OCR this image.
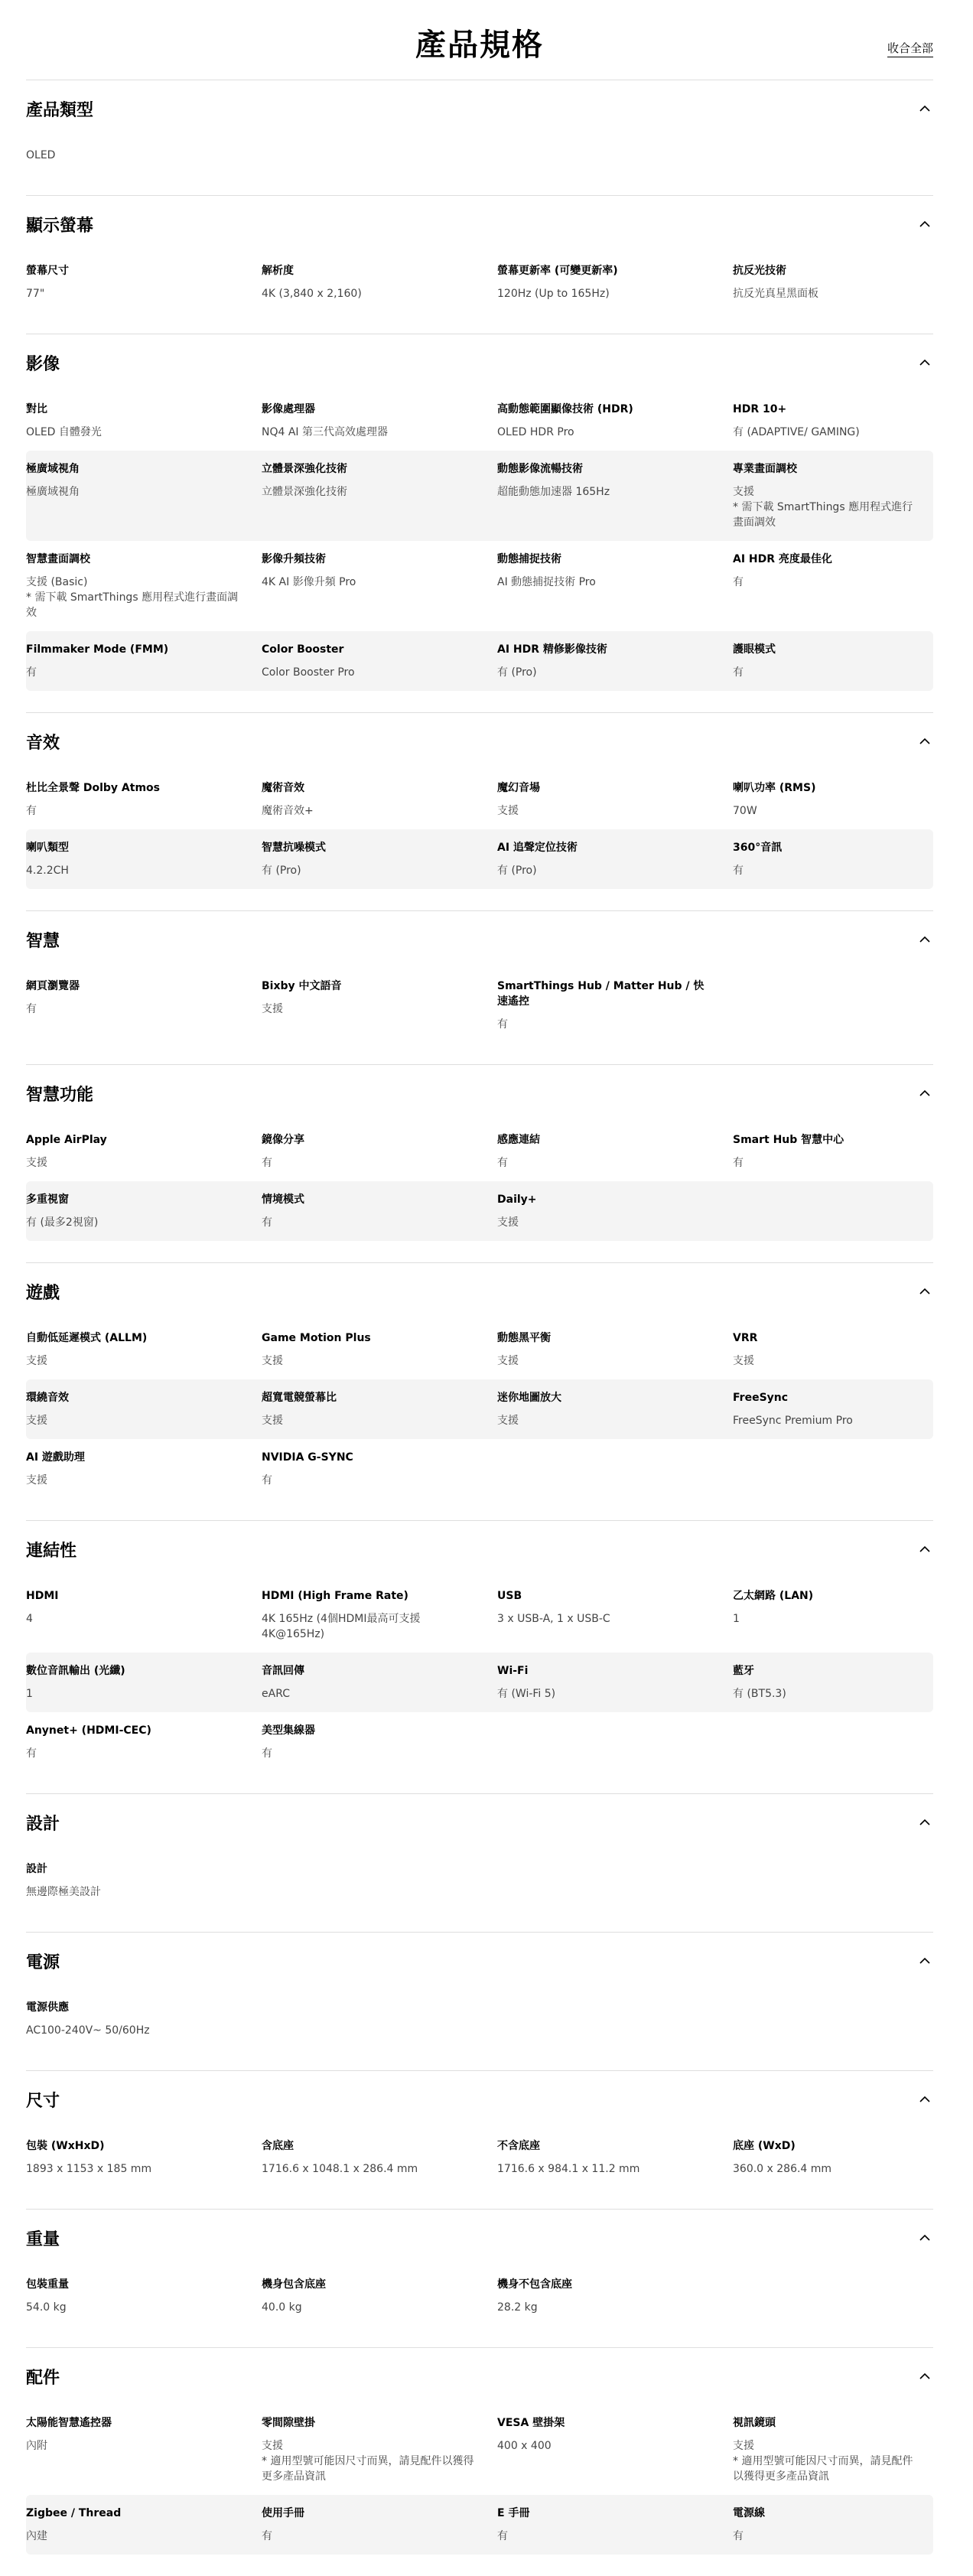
產品規格	收合全部
產品類型
OLED
顯示螢幕
螢幕尺寸
77"
解析度
4K (3,840 x 2,160)
螢幕更新率 (可變更新率)
120Hz (Up to 165Hz)
抗反光技術
抗反光真星黑面板
影像
對比
OLED 自體發光
影像處理器
NQ4 AI 第三代高效處理器
高動態範圍顯像技術 (HDR)
OLED HDR Pro
HDR 10+
有 (ADAPTIVE/ GAMING)
極廣域視角
極廣域視角
立體景深強化技術
立體景深強化技術
動態影像流暢技術
超能動態加速器 165Hz
專業畫面調校
支援
* 需下載 SmartThings 應用程式進行畫面調效
智慧畫面調校
支援 (Basic)
* 需下載 SmartThings 應用程式進行畫面調效
影像升頻技術
4K AI 影像升頻 Pro
動態捕捉技術
AI 動態捕捉技術 Pro
AI HDR 亮度最佳化
有
Filmmaker Mode (FMM)
有
Color Booster
Color Booster Pro
AI HDR 精修影像技術
有 (Pro)
護眼模式
有
音效
杜比全景聲 Dolby Atmos
有
魔術音效
魔術音效+
魔幻音場
支援
喇叭功率 (RMS)
70W
喇叭類型
4.2.2CH
智慧抗噪模式
有 (Pro)
AI 追聲定位技術
有 (Pro)
360°音訊
有
智慧
網頁瀏覽器
有
Bixby 中文語音
支援
SmartThings Hub / Matter Hub / 快速遙控
有
智慧功能
Apple AirPlay
支援
鏡像分享
有
感應連結
有
Smart Hub 智慧中心
有
多重視窗
有 (最多2視窗)
情境模式
有
Daily+
支援
遊戲
自動低延遲模式 (ALLM)
支援
Game Motion Plus
支援
動態黑平衡
支援
VRR
支援
環繞音效
支援
超寬電競螢幕比
支援
迷你地圖放大
支援
FreeSync
FreeSync Premium Pro
AI 遊戲助理
支援
NVIDIA G-SYNC
有
連結性
HDMI
4
HDMI (High Frame Rate)
4K 165Hz (4個HDMI最高可支援4K@165Hz)
USB
3 x USB-A, 1 x USB-C
乙太網路 (LAN)
1
數位音訊輸出 (光纖)
1
音訊回傳
eARC
Wi-Fi
有 (Wi-Fi 5)
藍牙
有 (BT5.3)
Anynet+ (HDMI-CEC)
有
美型集線器
有
設計
設計
無邊際極美設計
電源
電源供應
AC100-240V~ 50/60Hz
尺寸
包裝 (WxHxD)
1893 x 1153 x 185 mm
含底座
1716.6 x 1048.1 x 286.4 mm
不含底座
1716.6 x 984.1 x 11.2 mm
底座 (WxD)
360.0 x 286.4 mm
重量
包裝重量
54.0 kg
機身包含底座
40.0 kg
機身不包含底座
28.2 kg
配件
太陽能智慧遙控器
內附
零間隙壁掛
支援
* 適用型號可能因尺寸而異，請見配件以獲得更多產品資訊
VESA 壁掛架
400 x 400
視訊鏡頭
支援
* 適用型號可能因尺寸而異，請見配件以獲得更多產品資訊
Zigbee / Thread
內建
使用手冊
有
E 手冊
有
電源線
有
